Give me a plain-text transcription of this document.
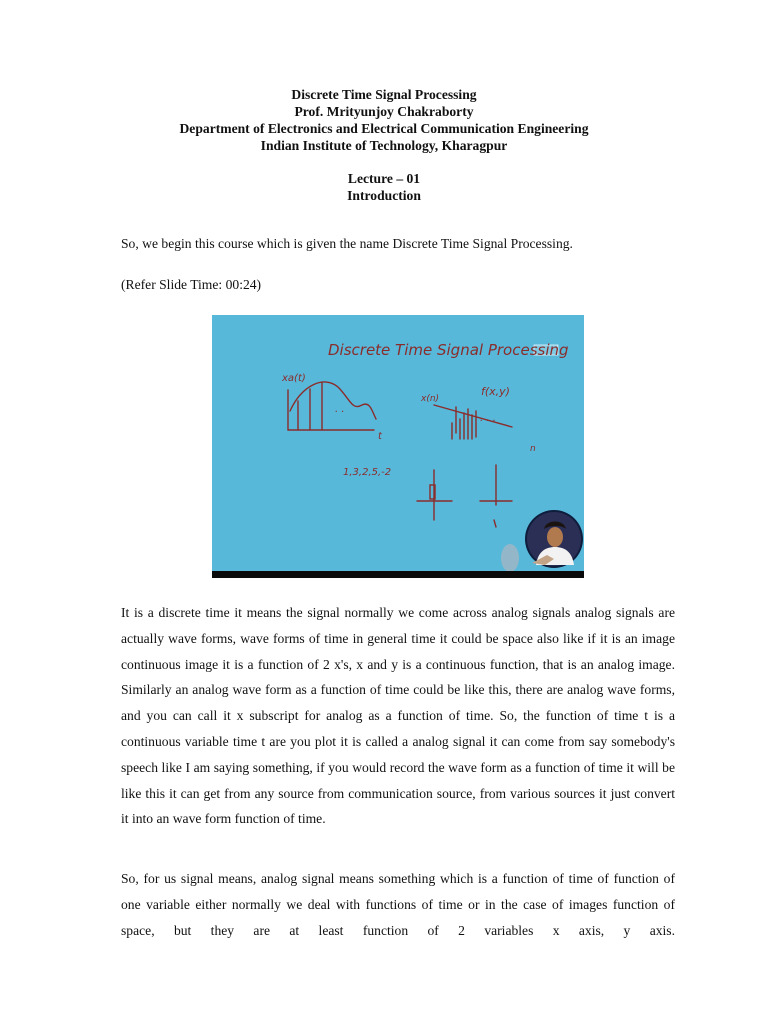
Discrete Time Signal Processing
Prof. Mrityunjoy Chakraborty
Department of Electronics and Electrical Communication Engineering
Indian Institute of Technology, Kharagpur
Lecture – 01
Introduction

So, we begin this course which is given the name Discrete Time Signal Processing.

(Refer Slide Time: 00:24)

Discrete Time Signal Processing
xa(t)
t
x(n)
f(x,y)
n
1,3,2,5,-2
. . .
. .

It is a discrete time it means the signal normally we come across analog signals analog signals are actually wave forms, wave forms of time in general time it could be space also like if it is an image continuous image it is a function of 2 x's, x and y is a continuous function, that is an analog image. Similarly an analog wave form as a function of time could be like this, there are analog wave forms, and you can call it x subscript for analog as a function of time. So, the function of time t is a continuous variable time t are you plot it is called a analog signal it can come from say somebody's speech like I am saying something, if you would record the wave form as a function of time it will be like this it can get from any source from communication source, from various sources it just convert it into an wave form function of time.

So, for us signal means, analog signal means something which is a function of time of function of one variable either normally we deal with functions of time or in the case of images function of space, but they are at least function of 2 variables x axis, y axis.
